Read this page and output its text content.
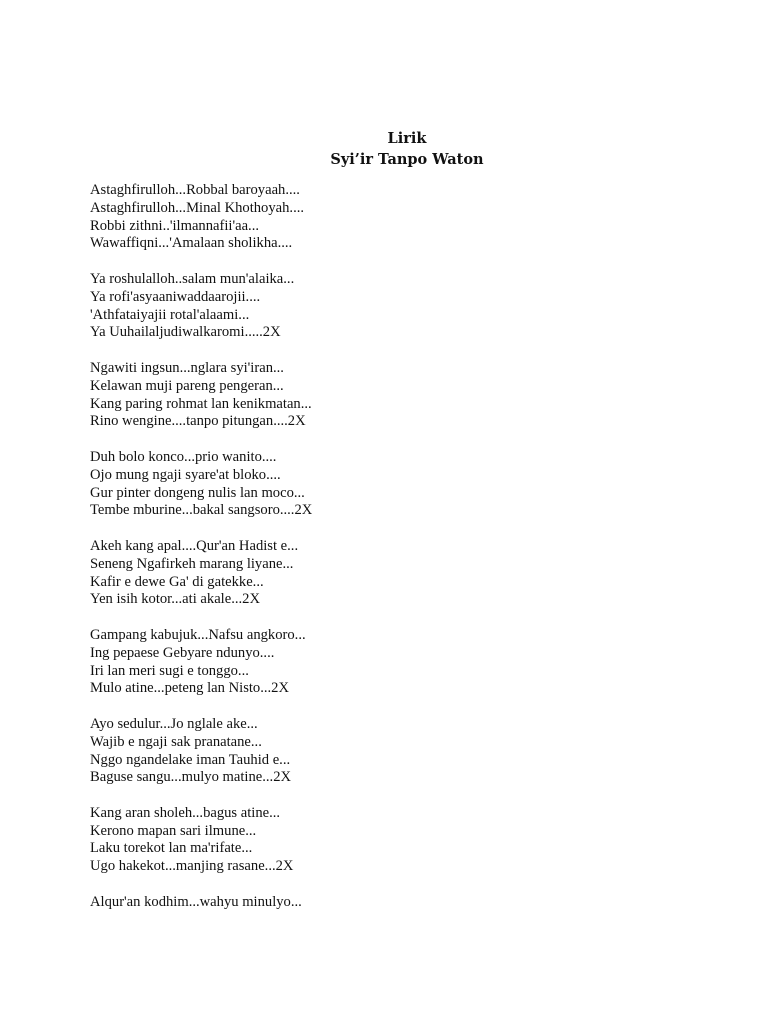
Lirik
Syi’ir Tanpo Waton
Astaghfirulloh...Robbal baroyaah....
Astaghfirulloh...Minal Khothoyah....
Robbi zithni..'ilmannafii'aa...
Wawaffiqni...'Amalaan sholikha....
Ya roshulalloh..salam mun'alaika...
Ya rofi'asyaaniwaddaarojii....
'Athfataiyajii rotal'alaami...
Ya Uuhailaljudiwalkaromi.....2X
Ngawiti ingsun...nglara syi'iran...
Kelawan muji pareng pengeran...
Kang paring rohmat lan kenikmatan...
Rino wengine....tanpo pitungan....2X
Duh bolo konco...prio wanito....
Ojo mung ngaji syare'at bloko....
Gur pinter dongeng nulis lan moco...
Tembe mburine...bakal sangsoro....2X
Akeh kang apal....Qur'an Hadist e...
Seneng Ngafirkeh marang liyane...
Kafir e dewe Ga' di gatekke...
Yen isih kotor...ati akale...2X
Gampang kabujuk...Nafsu angkoro...
Ing pepaese Gebyare ndunyo....
Iri lan meri sugi e tonggo...
Mulo atine...peteng lan Nisto...2X
Ayo sedulur...Jo nglale ake...
Wajib e ngaji sak pranatane...
Nggo ngandelake iman Tauhid e...
Baguse sangu...mulyo matine...2X
Kang aran sholeh...bagus atine...
Kerono mapan sari ilmune...
Laku torekot lan ma'rifate...
Ugo hakekot...manjing rasane...2X
Alqur'an kodhim...wahyu minulyo...
